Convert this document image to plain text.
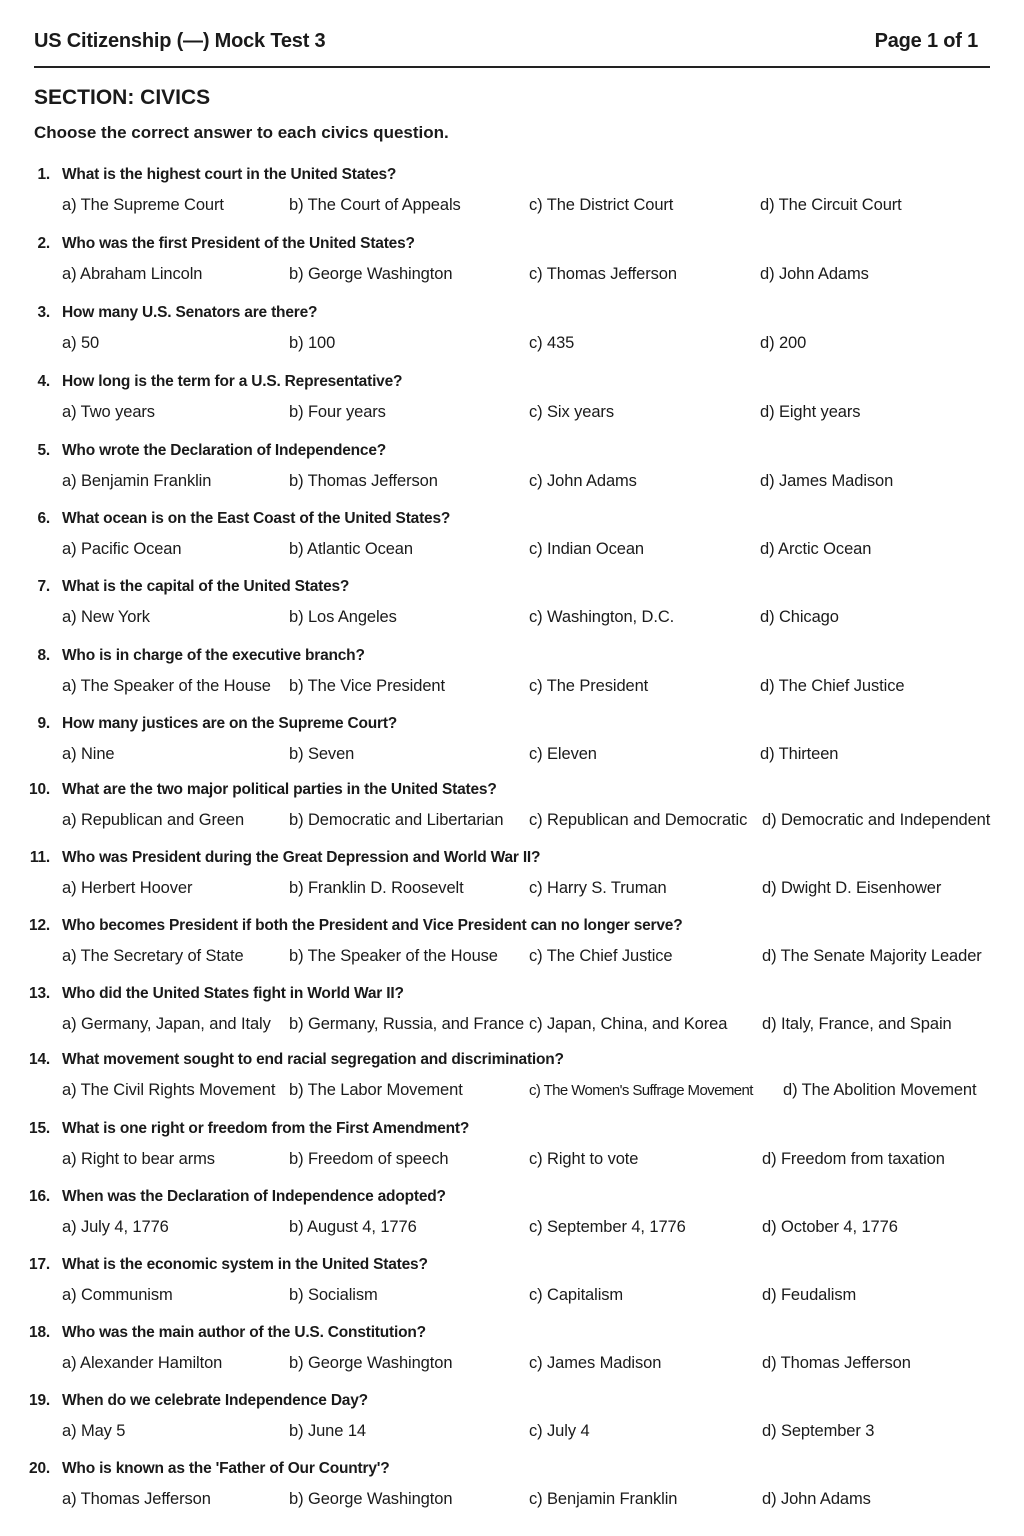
US Citizenship (—) Mock Test 3	Page 1 of 1
SECTION: CIVICS
Choose the correct answer to each civics question.
1. What is the highest court in the United States?
a) The Supreme Court	b) The Court of Appeals	c) The District Court	d) The Circuit Court
2. Who was the first President of the United States?
a) Abraham Lincoln	b) George Washington	c) Thomas Jefferson	d) John Adams
3. How many U.S. Senators are there?
a) 50	b) 100	c) 435	d) 200
4. How long is the term for a U.S. Representative?
a) Two years	b) Four years	c) Six years	d) Eight years
5. Who wrote the Declaration of Independence?
a) Benjamin Franklin	b) Thomas Jefferson	c) John Adams	d) James Madison
6. What ocean is on the East Coast of the United States?
a) Pacific Ocean	b) Atlantic Ocean	c) Indian Ocean	d) Arctic Ocean
7. What is the capital of the United States?
a) New York	b) Los Angeles	c) Washington, D.C.	d) Chicago
8. Who is in charge of the executive branch?
a) The Speaker of the House b) The Vice President	c) The President	d) The Chief Justice
9. How many justices are on the Supreme Court?
a) Nine	b) Seven	c) Eleven	d) Thirteen
10. What are the two major political parties in the United States?
a) Republican and Green	b) Democratic and Libertarian c) Republican and Democratic d) Democratic and Independent
11. Who was President during the Great Depression and World War II?
a) Herbert Hoover	b) Franklin D. Roosevelt	c) Harry S. Truman	d) Dwight D. Eisenhower
12. Who becomes President if both the President and Vice President can no longer serve?
a) The Secretary of State	b) The Speaker of the House c) The Chief Justice	d) The Senate Majority Leader
13. Who did the United States fight in World War II?
a) Germany, Japan, and Italy b) Germany, Russia, and France c) Japan, China, and Korea d) Italy, France, and Spain
14. What movement sought to end racial segregation and discrimination?
a) The Civil Rights Movement b) The Labor Movement	c) The Women's Suffrage Movement d) The Abolition Movement
15. What is one right or freedom from the First Amendment?
a) Right to bear arms	b) Freedom of speech	c) Right to vote	d) Freedom from taxation
16. When was the Declaration of Independence adopted?
a) July 4, 1776	b) August 4, 1776	c) September 4, 1776	d) October 4, 1776
17. What is the economic system in the United States?
a) Communism	b) Socialism	c) Capitalism	d) Feudalism
18. Who was the main author of the U.S. Constitution?
a) Alexander Hamilton	b) George Washington	c) James Madison	d) Thomas Jefferson
19. When do we celebrate Independence Day?
a) May 5	b) June 14	c) July 4	d) September 3
20. Who is known as the 'Father of Our Country'?
a) Thomas Jefferson	b) George Washington	c) Benjamin Franklin	d) John Adams
